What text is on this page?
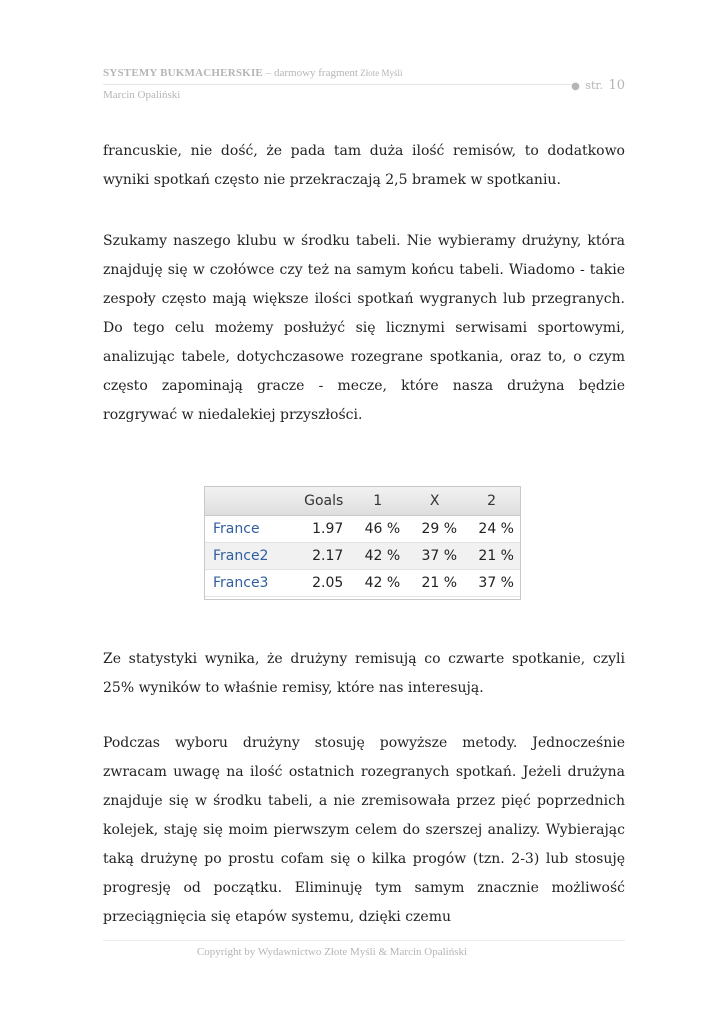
SYSTEMY BUKMACHERSKIE – darmowy fragment Złote Myśli
Marcin Opaliński
● str. 10

francuskie, nie dość, że pada tam duża ilość remisów, to dodatkowo wyniki spotkań często nie przekraczają 2,5 bramek w spotkaniu.

Szukamy naszego klubu w środku tabeli. Nie wybieramy drużyny, która znajduję się w czołówce czy też na samym końcu tabeli. Wiadomo - takie zespoły często mają większe ilości spotkań wygranych lub przegranych. Do tego celu możemy posłużyć się licznymi serwisami sportowymi, analizując tabele, dotychczasowe rozegrane spotkania, oraz to, o czym często zapominają gracze - mecze, które nasza drużyna będzie rozgrywać w niedalekiej przyszłości.

	Goals	1	X	2
France	1.97	46 %	29 %	24 %
France2	2.17	42 %	37 %	21 %
France3	2.05	42 %	21 %	37 %

Ze statystyki wynika, że drużyny remisują co czwarte spotkanie, czyli 25% wyników to właśnie remisy, które nas interesują.

Podczas wyboru drużyny stosuję powyższe metody. Jednocześnie zwracam uwagę na ilość ostatnich rozegranych spotkań. Jeżeli drużyna znajduje się w środku tabeli, a nie zremisowała przez pięć poprzednich kolejek, staję się moim pierwszym celem do szerszej analizy. Wybierając taką drużynę po prostu cofam się o kilka progów (tzn. 2-3) lub stosuję progresję od początku. Eliminuję tym samym znacznie możliwość przeciągnięcia się etapów systemu, dzięki czemu

Copyright by Wydawnictwo Złote Myśli & Marcin Opaliński
